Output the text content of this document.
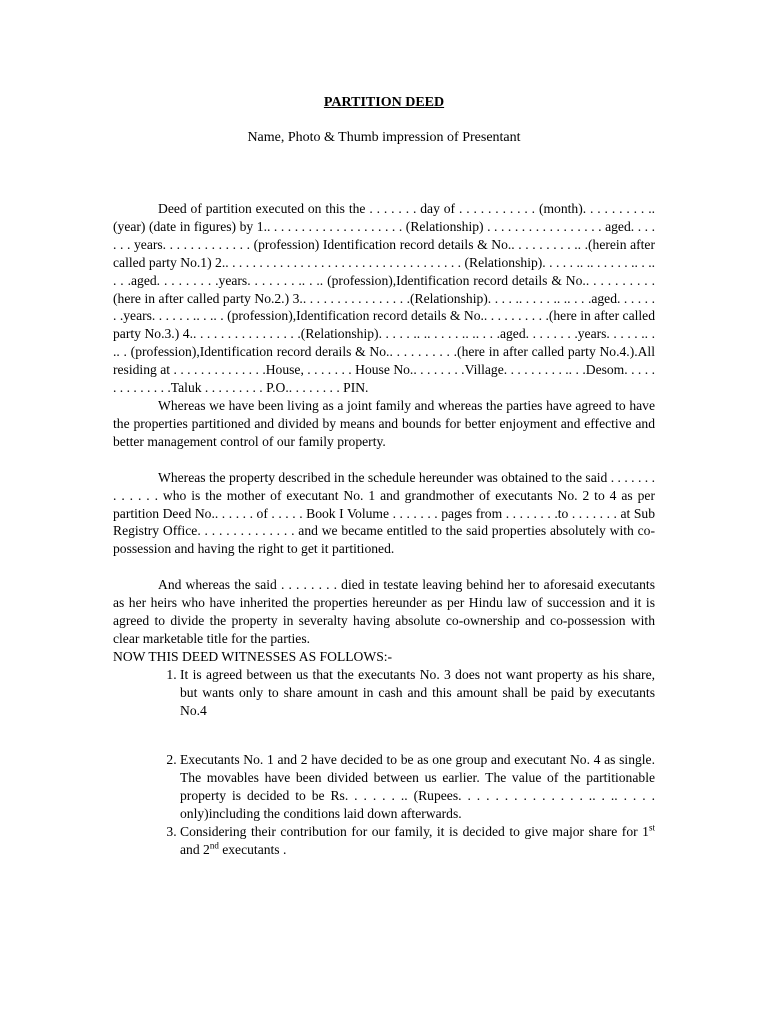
PARTITION DEED
Name, Photo & Thumb impression of Presentant

Deed of partition executed on this the . . . . . . . day of . . . . . . . . . . . (month). . . . . . . . . .. (year) (date in figures) by 1.. . . . . . . . . . . . . . . . . . . . (Relationship) . . . . . . . . . . . . . . . . . aged. . . . . . . years. . . . . . . . . . . . . (profession) Identification record details & No.. . . . . . . . . .. .(herein after called party No.1) 2.. . . . . . . . . . . . . . . . . . . . . . . . . . . . . . . . . . . (Relationship). . . . . .. .. . . . . . .. . .. . . .aged. . . . . . . . .years. . . . . . . .. . .. (profession),Identification record details & No.. . . . . . . . . .(here in after called party No.2.) 3.. . . . . . . . . . . . . . . .(Relationship). . . . .. . . . . .. .. . . .aged. . . . . . . .years. . . . . . .. . .. . (profession),Identification record details & No.. . . . . . . . . .(here in after called party No.3.) 4.. . . . . . . . . . . . . . . .(Relationship). . . . . .. .. . . . . .. .. . . .aged. . . . . . . .years. . . . . .. . .. . (profession),Identification record derails & No.. . . . . . . . . .(here in after called party No.4.).All residing at . . . . . . . . . . . . . .House, . . . . . . . House No.. . . . . . . .Village. . . . . . . . . .. . .Desom. . . . . . . . . . . . . .Taluk . . . . . . . . . P.O.. . . . . . . . PIN.

Whereas we have been living as a joint family and whereas the parties have agreed to have the properties partitioned and divided by means and bounds for better enjoyment and effective and better management control of our family property.

Whereas the property described in the schedule hereunder was obtained to the said . . . . . . . . . . . . . who is the mother of executant No. 1 and grandmother of executants No. 2 to 4 as per partition Deed No.. . . . . . of . . . . . Book I Volume . . . . . . . pages from . . . . . . . .to . . . . . . . at Sub Registry Office. . . . . . . . . . . . . . and we became entitled to the said properties absolutely with co-possession and having the right to get it partitioned.

And whereas the said . . . . . . . . died in testate leaving behind her to aforesaid executants as her heirs who have inherited the properties hereunder as per Hindu law of succession and it is agreed to divide the property in severalty having absolute co-ownership and co-possession with clear marketable title for the parties.

NOW THIS DEED WITNESSES AS FOLLOWS:-

1. It is agreed between us that the executants No. 3 does not want property as his share, but wants only to share amount in cash and this amount shall be paid by executants No.4
2. Executants No. 1 and 2 have decided to be as one group and executant No. 4 as single. The movables have been divided between us earlier. The value of the partitionable property is decided to be Rs. . . . . . .. (Rupees. . . . . . . . . . . . . . .. . .. . . . . only)including the conditions laid down afterwards.
3. Considering their contribution for our family, it is decided to give major share for 1st and 2nd executants .
